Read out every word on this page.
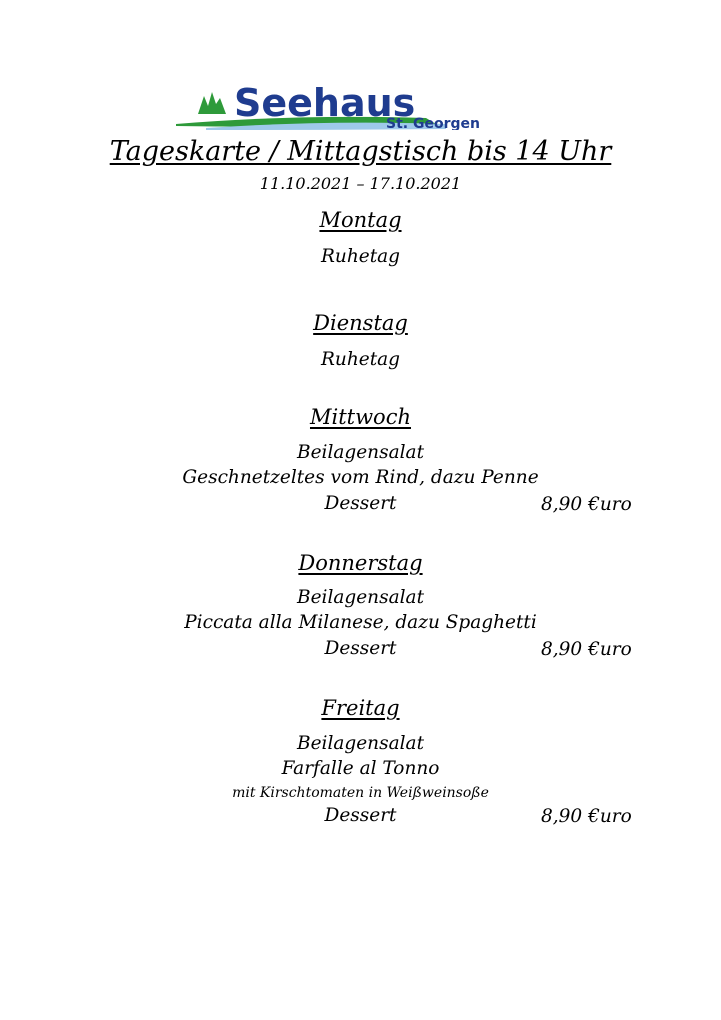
Seehaus
St. Georgen
Tageskarte / Mittagstisch bis 14 Uhr
11.10.2021 – 17.10.2021
Montag
Ruhetag
Dienstag
Ruhetag
Mittwoch
Beilagensalat
Geschnetzeltes vom Rind, dazu Penne
Dessert	8,90 €uro
Donnerstag
Beilagensalat
Piccata alla Milanese, dazu Spaghetti
Dessert	8,90 €uro
Freitag
Beilagensalat
Farfalle al Tonno
mit Kirschtomaten in Weißweinsoße
Dessert	8,90 €uro
